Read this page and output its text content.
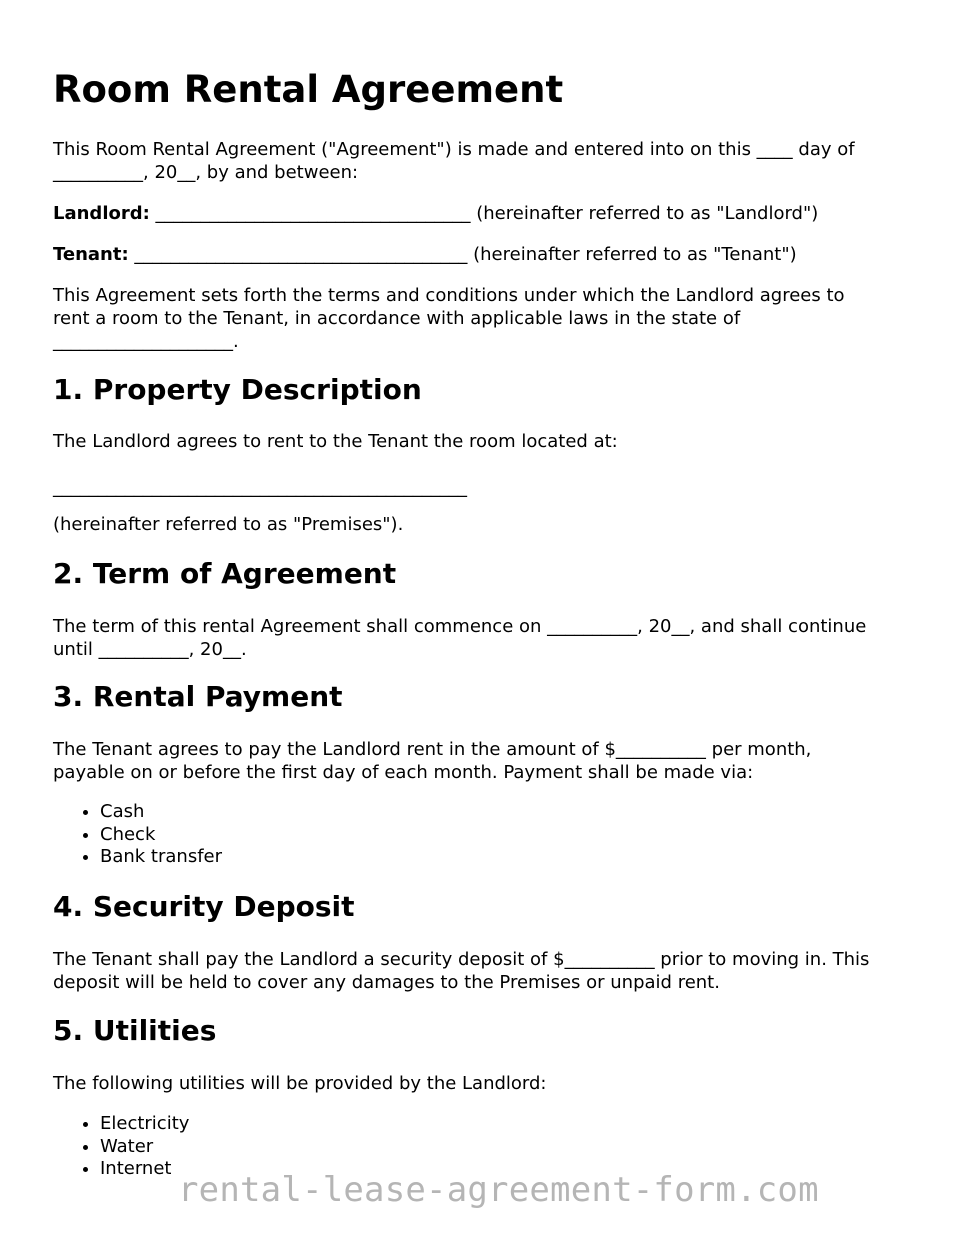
Room Rental Agreement

This Room Rental Agreement ("Agreement") is made and entered into on this ____ day of
__________, 20__, by and between:

Landlord: ___________________________________ (hereinafter referred to as "Landlord")

Tenant: _____________________________________ (hereinafter referred to as "Tenant")

This Agreement sets forth the terms and conditions under which the Landlord agrees to
rent a room to the Tenant, in accordance with applicable laws in the state of
____________________.

1. Property Description

The Landlord agrees to rent to the Tenant the room located at:

______________________________________________

(hereinafter referred to as "Premises").

2. Term of Agreement

The term of this rental Agreement shall commence on __________, 20__, and shall continue
until __________, 20__.

3. Rental Payment

The Tenant agrees to pay the Landlord rent in the amount of $__________ per month,
payable on or before the first day of each month. Payment shall be made via:

• Cash
• Check
• Bank transfer
4. Security Deposit

The Tenant shall pay the Landlord a security deposit of $__________ prior to moving in. This
deposit will be held to cover any damages to the Premises or unpaid rent.

5. Utilities

The following utilities will be provided by the Landlord:

• Electricity
• Water
• Internet
rental-lease-agreement-form.com
